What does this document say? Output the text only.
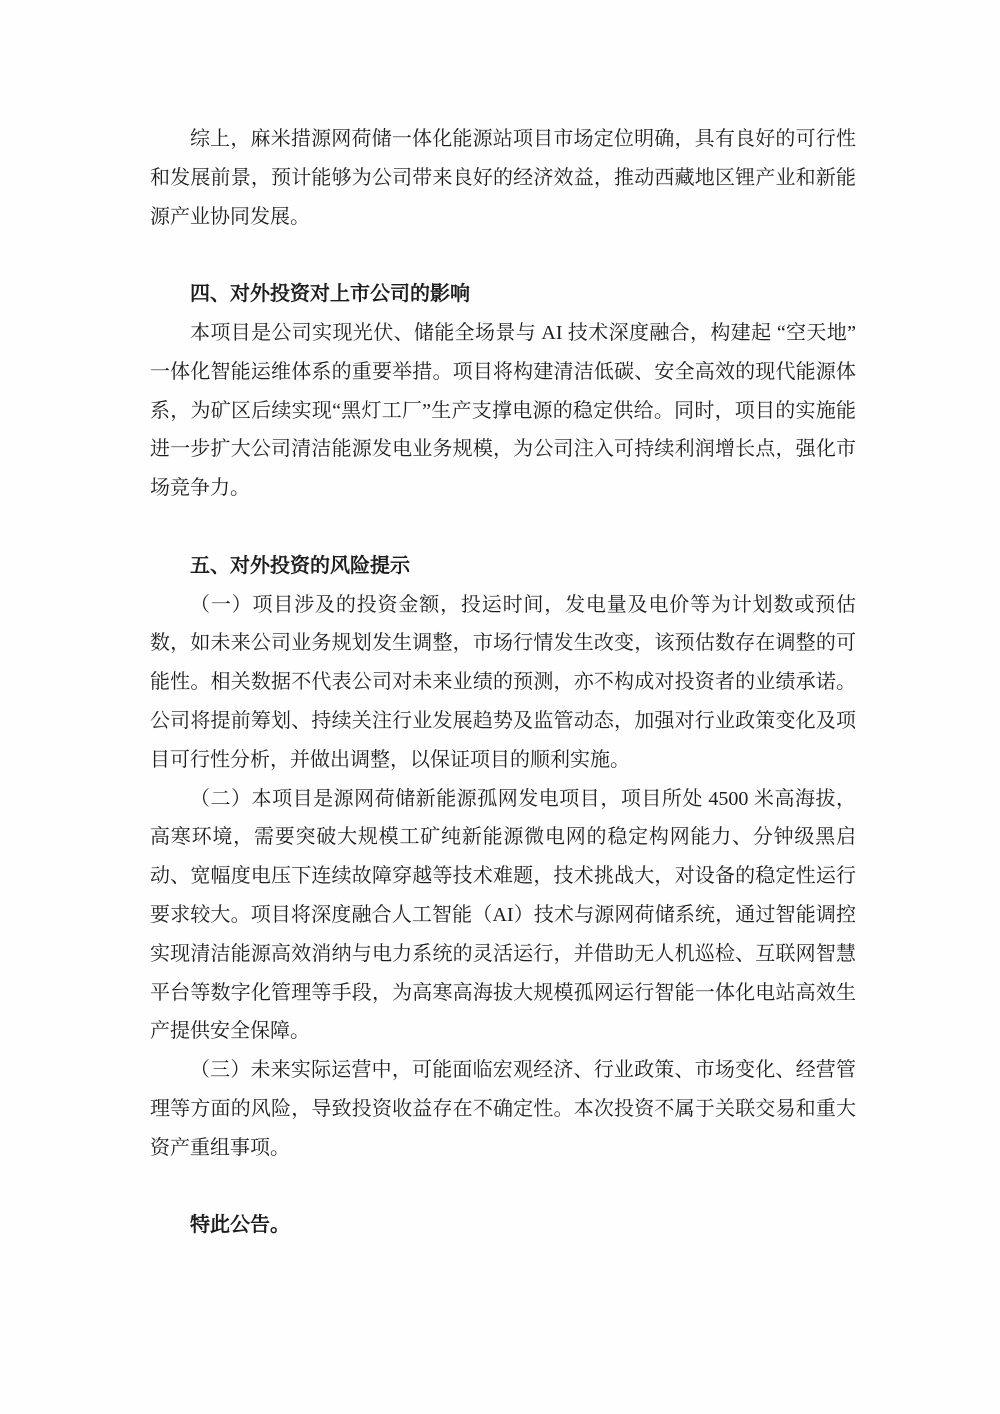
综上，麻米措源网荷储一体化能源站项目市场定位明确，具有良好的可行性和发展前景，预计能够为公司带来良好的经济效益，推动西藏地区锂产业和新能源产业协同发展。

四、对外投资对上市公司的影响

本项目是公司实现光伏、储能全场景与 AI 技术深度融合，构建起 “空天地” 一体化智能运维体系的重要举措。项目将构建清洁低碳、安全高效的现代能源体系，为矿区后续实现“黑灯工厂”生产支撑电源的稳定供给。同时，项目的实施能进一步扩大公司清洁能源发电业务规模，为公司注入可持续利润增长点，强化市场竞争力。

五、对外投资的风险提示

（一）项目涉及的投资金额，投运时间，发电量及电价等为计划数或预估数，如未来公司业务规划发生调整，市场行情发生改变，该预估数存在调整的可能性。相关数据不代表公司对未来业绩的预测，亦不构成对投资者的业绩承诺。公司将提前筹划、持续关注行业发展趋势及监管动态，加强对行业政策变化及项目可行性分析，并做出调整，以保证项目的顺利实施。

（二）本项目是源网荷储新能源孤网发电项目，项目所处 4500 米高海拔，高寒环境，需要突破大规模工矿纯新能源微电网的稳定构网能力、分钟级黑启动、宽幅度电压下连续故障穿越等技术难题，技术挑战大，对设备的稳定性运行要求较大。项目将深度融合人工智能（AI）技术与源网荷储系统，通过智能调控实现清洁能源高效消纳与电力系统的灵活运行，并借助无人机巡检、互联网智慧平台等数字化管理等手段，为高寒高海拔大规模孤网运行智能一体化电站高效生产提供安全保障。

（三）未来实际运营中，可能面临宏观经济、行业政策、市场变化、经营管理等方面的风险，导致投资收益存在不确定性。本次投资不属于关联交易和重大资产重组事项。

特此公告。
